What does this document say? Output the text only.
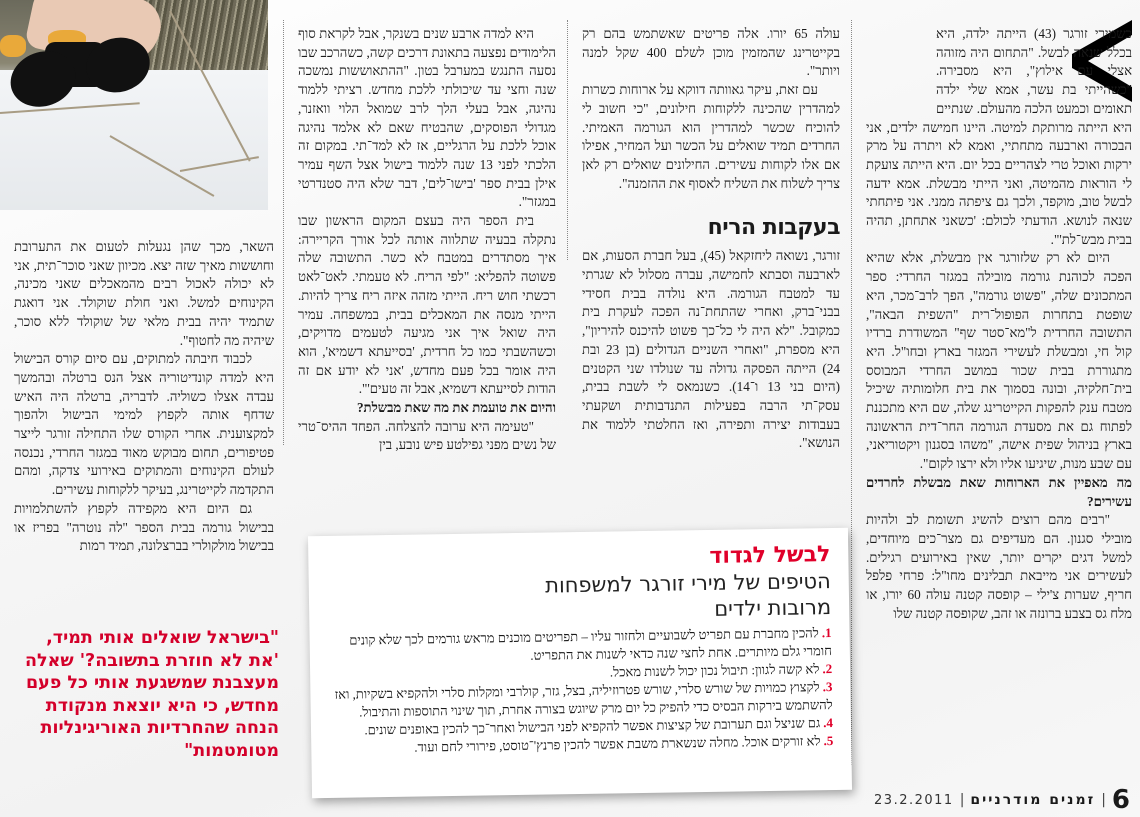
כשמירי זורגר (43) הייתה ילדה, היא בכלל שנאה לבשל. "התחום היה מזוהה אצלי עם אילוץ", היא מסבירה. "כשהייתי בת עשר, אמא שלי ילדה תאומים וכמעט הלכה מהעולם. שנתיים היא הייתה מרותקת למיטה. היינו חמישה ילדים, אני הבכורה וארבעה מתחתיי, ואמא לא ויתרה על מרק ירקות ואוכל טרי לצהריים בכל יום. היא הייתה צועקת לי הוראות מהמיטה, ואני הייתי מבשלת. אמא ידעה לבשל טוב, מוקפד, ולכך גם ציפתה ממני. אני פיתחתי שנאה לנושא. הודעתי לכולם: 'כשאני אתחתן, תהיה בבית מבש־לת'".

היום לא רק שלזורגר אין מבשלת, אלא שהיא הפכה לכוהנת גורמה מובילה במגזר החרדי: ספר המתכונים שלה, "פשוט גורמה", הפך לרב־מכר, היא שופטת בתחרות הפופול־רית "השפית הבאה", התשובה החרדית ל"מא־סטר שף" המשודרת ברדיו קול חי, ומבשלת לעשירי המגזר בארץ ובחו"ל. היא מתגוררת בבית שכור במושב החרדי המבוסס בית־חלקיה, ובונה בסמוך את בית חלומותיה שיכיל מטבח ענק להפקות הקייטרינג שלה, שם היא מתכננת לפתוח גם את מסעדת הגורמה החר־דית הראשונה בארץ בניהול שפית אישה, "משהו בסגנון ויקטוריאני, עם שבע מנות, שיגיעו אליו ולא ירצו לקום".

מה מאפיין את הארוחות שאת מבשלת לחרדים עשירים?

"רבים מהם רוצים להשיג תשומת לב ולהיות מובילי סגנון. הם מעדיפים גם מצר־כים מיוחדים, למשל דגים יקרים יותר, שאין באירועים רגילים. לעשירים אני מייבאת תבלינים מחו"ל: פרחי פלפל חריף, שערות צ'ילי – קופסה קטנה עולה 60 יורו, או מלח גס בצבע ברונזה או זהב, שקופסה קטנה שלו

עולה 65 יורו. אלה פריטים שאשתמש בהם רק בקייטרינג שהמזמין מוכן לשלם 400 שקל למנה ויותר".

עם זאת, עיקר גאוותה דווקא על ארוחות כשרות למהדרין שהכינה ללקוחות חילונים, "כי חשוב לי להוכיח שכשר למהדרין הוא הגורמה האמיתי. החרדים תמיד שואלים על הכשר ועל המחיר, אפילו אם אלו לקוחות עשירים. החילונים שואלים רק לאן צריך לשלוח את השליח לאסוף את ההזמנה".

בעקבות הריח

זורגר, נשואה ליחזקאל (45), בעל חברת הסעות, אם לארבעה וסבתא לחמישה, עברה מסלול לא שגרתי עד למטבח הגורמה. היא נולדה בבית חסידי בבני־ברק, ואחרי שהתחת־נה הפכה לעקרת בית כמקובל. "לא היה לי כל־כך פשוט להיכנס להיריון", היא מספרת, "ואחרי השניים הגדולים (בן 23 ובת 24) הייתה הפסקה גדולה עד שנולדו שני הקטנים (היום בני 13 ו־14). כשנמאס לי לשבת בבית, עסק־תי הרבה בפעילות התנדבותית ושקעתי בעבודות יצירה ותפירה, ואז החלטתי ללמוד את הנושא".

היא למדה ארבע שנים בשנקר, אבל לקראת סוף הלימודים נפצעה בתאונת דרכים קשה, כשהרכב שבו נסעה התנגש במערבל בטון. "ההתאוששות נמשכה שנה וחצי עד שיכולתי ללכת מחדש. רציתי ללמוד נהיגה, אבל בעלי הלך לרב שמואל הלוי וואזנר, מגדולי הפוסקים, שהבטיח שאם לא אלמד נהיגה אוכל ללכת על הרגליים, אז לא למד־תי. במקום זה הלכתי לפני 13 שנה ללמוד בישול אצל השף עמיר אילן בבית ספר 'בישו־לים', דבר שלא היה סטנדרטי במגזר".

בית הספר היה בעצם המקום הראשון שבו נתקלה בבעיה שתלווה אותה לכל אורך הקריירה: איך מסתדרים במטבח לא כשר. התשובה שלה פשוטה להפליא: "לפי הריח. לא טעמתי. לאט־לאט רכשתי חוש ריח. הייתי מזהה איזה ריח צריך להיות. הייתי מנסה את המאכלים בבית, במשפחה. עמיר היה שואל איך אני מגיעה לטעמים מדויקים, וכשהשבתי כמו כל חרדית, 'בסייעתא דשמיא', הוא היה אומר בכל פעם מחדש, 'אני לא יודע אם זה הודות לסייעתא דשמיא, אבל זה טעים'".

והיום את טועמת את מה שאת מבשלת?

"טעימה היא ערובה להצלחה. הפחד ההיס־טרי של נשים מפני גפילטע פיש נובע, בין

השאר, מכך שהן נגעלות לטעום את התערובת וחוששות מאיך שזה יצא. מכיוון שאני סוכר־תית, אני לא יכולה לאכול רבים מהמאכלים שאני מכינה, הקינוחים למשל. ואני חולת שוקולד. אני דואגת שתמיד יהיה בבית מלאי של שוקולד ללא סוכר, שיהיה מה לחטוף".

לכבוד חיבתה למתוקים, עם סיום קורס הבישול היא למדה קונדיטוריה אצל הנס ברטלה ובהמשך עבדה אצלו כשוליה. לדבריה, ברטלה היה האיש שדחף אותה לקפוץ למימי הבישול ולהפוך למקצוענית. אחרי הקורס שלו התחילה זורגר לייצר פטיפורים, תחום מבוקש מאוד במגזר החרדי, נכנסה לעולם הקינוחים והמתוקים באירועי צדקה, ומהם התקדמה לקייטרינג, בעיקר ללקוחות עשירים.

גם היום היא מקפידה לקפוץ להשתלמויות בבישול גורמה בבית הספר "לה נוטרה" בפריז או בבישול מולקולרי בברצלונה, תמיד רמות

"בישראל שואלים אותי תמיד, 'את לא חוזרת בתשובה?' שאלה מעצבנת שמשגעת אותי כל פעם מחדש, כי היא יוצאת מנקודת הנחה שהחרדיות האוריגינליות מטומטמות"
לבשל לגדוד
הטיפים של מירי זורגר למשפחות מרובות ילדים
1.להכין מחברת עם תפריט לשבועיים ולחזור עליו – תפריטים מוכנים מראש גורמים לכך שלא קונים חומרי גלם מיותרים. אחת לחצי שנה כדאי לשנות את התפריט.
2.לא קשה לגוון: תיבול נכון יכול לשנות מאכל.
3.לקצוץ כמויות של שורש סלרי, שורש פטרוזיליה, בצל, גזר, קולרבי ומקלות סלרי ולהקפיא בשקיות, ואז להשתמש בירקות הבסיס כדי להפיק כל יום מרק שיוגש בצורה אחרת, תוך שינוי התוספות והתיבול.
4.גם שניצל וגם תערובת של קציצות אפשר להקפיא לפני הבישול ואחר־כך להכין באופנים שונים.
5.לא זורקים אוכל. מחלה שנשארת משבת אפשר להכין פרנץ'־טוסט, פירורי לחם ועוד.
6
|
זמנים מודרניים
|
23.2.2011
